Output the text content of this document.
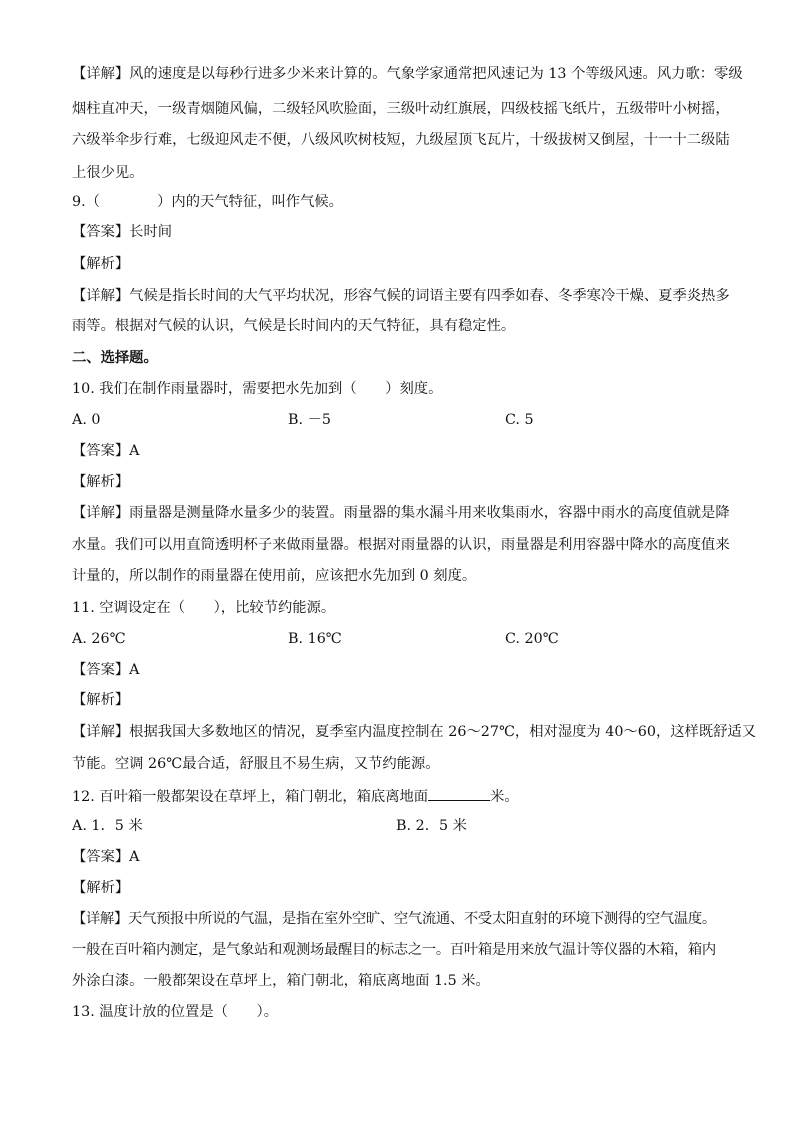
【详解】风的速度是以每秒行进多少米来计算的。气象学家通常把风速记为 13 个等级风速。风力歌：零级
烟柱直冲天，一级青烟随风偏，二级轻风吹脸面，三级叶动红旗展，四级枝摇飞纸片，五级带叶小树摇，
六级举伞步行难，七级迎风走不便，八级风吹树枝短，九级屋顶飞瓦片，十级拔树又倒屋，十一十二级陆
上很少见。
9.（　　　　）内的天气特征，叫作气候。
【答案】长时间
【解析】
【详解】气候是指长时间的大气平均状况，形容气候的词语主要有四季如春、冬季寒冷干燥、夏季炎热多
雨等。根据对气候的认识，气候是长时间内的天气特征，具有稳定性。
二、选择题。
10. 我们在制作雨量器时，需要把水先加到（　　）刻度。
A. 0	B. －5	C. 5
【答案】A
【解析】
【详解】雨量器是测量降水量多少的装置。雨量器的集水漏斗用来收集雨水，容器中雨水的高度值就是降
水量。我们可以用直筒透明杯子来做雨量器。根据对雨量器的认识，雨量器是利用容器中降水的高度值来
计量的，所以制作的雨量器在使用前，应该把水先加到 0 刻度。
11. 空调设定在（　　），比较节约能源。
A. 26℃	B. 16℃	C. 20℃
【答案】A
【解析】
【详解】根据我国大多数地区的情况，夏季室内温度控制在 26～27℃，相对湿度为 40～60，这样既舒适又
节能。空调 26℃最合适，舒服且不易生病，又节约能源。
12. 百叶箱一般都架设在草坪上，箱门朝北，箱底离地面	米。
A. 1．5 米	B. 2．5 米
【答案】A
【解析】
【详解】天气预报中所说的气温，是指在室外空旷、空气流通、不受太阳直射的环境下测得的空气温度。
一般在百叶箱内测定，是气象站和观测场最醒目的标志之一。百叶箱是用来放气温计等仪器的木箱，箱内
外涂白漆。一般都架设在草坪上，箱门朝北，箱底离地面 1.5 米。
13. 温度计放的位置是（　　）。
